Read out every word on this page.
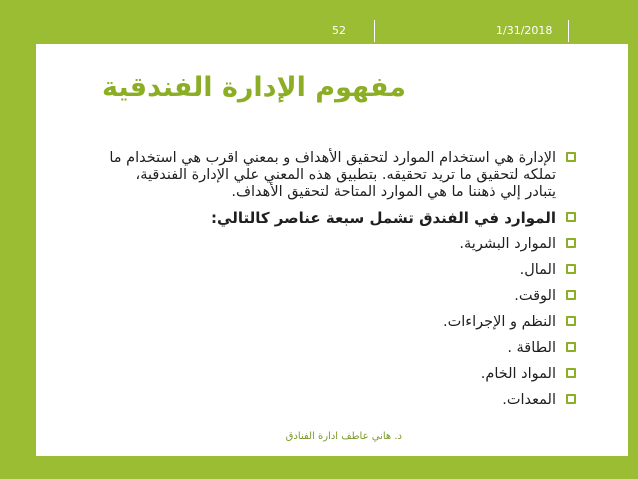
52	1/31/2018
مفهوم الإدارة الفندقية
الإدارة هي استخدام الموارد لتحقيق الأهداف و بمعني اقرب هي استخدام ما تملكه لتحقيق ما تريد تحقيقه. بتطبيق هذه المعني علي الإدارة الفندقية، يتبادر إلي ذهننا ما هي الموارد المتاحة لتحقيق الأهداف.
الموارد في الفندق تشمل سبعة عناصر كالتالي:
الموارد البشرية.
المال.
الوقت.
النظم و الإجراءات.
الطاقة .
المواد الخام.
المعدات.
د. هاني عاطف ادارة الفنادق
